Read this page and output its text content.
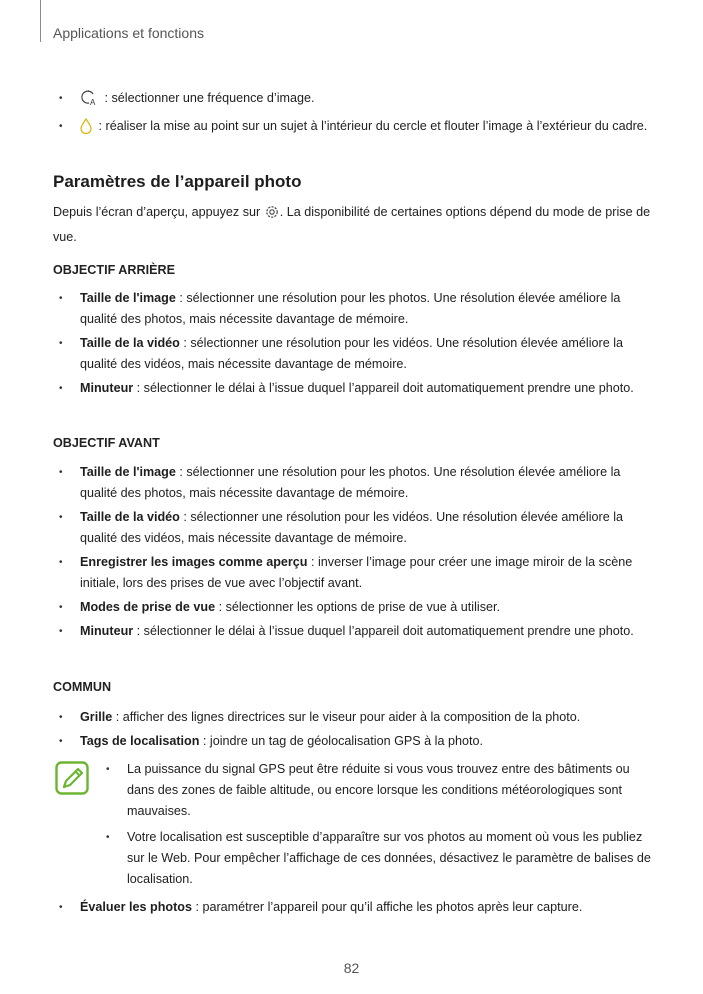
Applications et fonctions
• A : sélectionner une fréquence d’image.
• : réaliser la mise au point sur un sujet à l’intérieur du cercle et flouter l’image à l’extérieur du cadre.
Paramètres de l’appareil photo
Depuis l’écran d’aperçu, appuyez sur . La disponibilité de certaines options dépend du mode de prise de vue.
OBJECTIF ARRIÈRE
• Taille de l'image : sélectionner une résolution pour les photos. Une résolution élevée améliore la qualité des photos, mais nécessite davantage de mémoire.
• Taille de la vidéo : sélectionner une résolution pour les vidéos. Une résolution élevée améliore la qualité des vidéos, mais nécessite davantage de mémoire.
• Minuteur : sélectionner le délai à l’issue duquel l’appareil doit automatiquement prendre une photo.
OBJECTIF AVANT
• Taille de l'image : sélectionner une résolution pour les photos. Une résolution élevée améliore la qualité des photos, mais nécessite davantage de mémoire.
• Taille de la vidéo : sélectionner une résolution pour les vidéos. Une résolution élevée améliore la qualité des vidéos, mais nécessite davantage de mémoire.
• Enregistrer les images comme aperçu : inverser l’image pour créer une image miroir de la scène initiale, lors des prises de vue avec l’objectif avant.
• Modes de prise de vue : sélectionner les options de prise de vue à utiliser.
• Minuteur : sélectionner le délai à l’issue duquel l’appareil doit automatiquement prendre une photo.
COMMUN
• Grille : afficher des lignes directrices sur le viseur pour aider à la composition de la photo.
• Tags de localisation : joindre un tag de géolocalisation GPS à la photo.
• La puissance du signal GPS peut être réduite si vous vous trouvez entre des bâtiments ou dans des zones de faible altitude, ou encore lorsque les conditions météorologiques sont mauvaises.
• Votre localisation est susceptible d’apparaître sur vos photos au moment où vous les publiez sur le Web. Pour empêcher l’affichage de ces données, désactivez le paramètre de balises de localisation.
• Évaluer les photos : paramétrer l’appareil pour qu’il affiche les photos après leur capture.
82
